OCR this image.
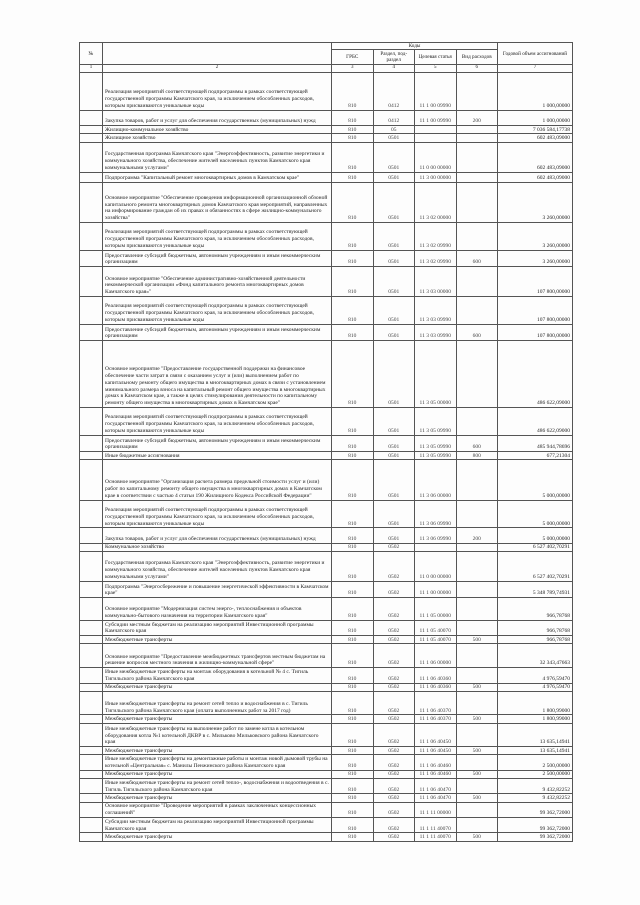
№		Коды				Годовой объем ассигнований
		ГРБС	Раздел, под-раздел	Целевая статья	Вид расходов	
1	2	3	4	5	6	7
	Реализация мероприятий соответствующей подпрограммы в рамках соответствующей государственной программы Камчатского края, за исключением обособленных расходов, которым присваиваются уникальные коды	810	0412	11 1 00 09990		1 000,00000
	Закупка товаров, работ и услуг для обеспечения государственных (муниципальных) нужд	810	0412	11 1 00 09990	200	1 000,00000
	Жилищно-коммунальное хозяйство	810	05			7 036 584,17738
	Жилищное хозяйство	810	0501			602 483,09000
	Государственная программа Камчатского края "Энергоэффективность, развитие энергетики и коммунального хозяйства, обеспечение жителей населенных пунктов Камчатского края коммунальными услугами"	810	0501	11 0 00 00000		602 483,09000
	Подпрограмма "Капитальный ремонт многоквартирных домов в Камчатском крае"	810	0501	11 3 00 00000		602 483,09000
	Основное мероприятие "Обеспечение проведения информационной организационной обзоной капитального ремонта многоквартирных домов Камчатского края мероприятий, направленных на информирование граждан об их правах и обязанностях в сфере жилищно-коммунального хозяйства"	810	0501	11 3 02 00000		3 260,00000
	Реализация мероприятий соответствующей подпрограммы в рамках соответствующей государственной программы Камчатского края, за исключением обособленных расходов, которым присваиваются уникальные коды	810	0501	11 3 02 09990		3 260,00000
	Предоставление субсидий бюджетным, автономным учреждениям и иным некоммерческим организациям	810	0501	11 3 02 09990	600	3 260,00000
	Основное мероприятие "Обеспечение административно-хозяйственной деятельности некоммерческой организации «Фонд капитального ремонта многоквартирных домов Камчатского края»"	810	0501	11 3 03 00000		107 800,00000
	Реализация мероприятий соответствующей подпрограммы в рамках соответствующей государственной программы Камчатского края, за исключением обособленных расходов, которым присваиваются уникальные коды	810	0501	11 3 03 09990		107 800,00000
	Предоставление субсидий бюджетным, автономным учреждениям и иным некоммерческим организациям	810	0501	11 3 03 09990	600	107 800,00000
	Основное мероприятие "Предоставление государственной поддержки на финансовое обеспечение части затрат в связи с оказанием услуг и (или) выполнением работ по капитальному ремонту общего имущества в многоквартирных домах в связи с установлением минимального размера взноса на капитальный ремонт общего имущества в многоквартирных домах в Камчатском крае, а также в целях стимулирования деятельности по капитальному ремонту общего имущества в многоквартирных домах в Камчатском крае"	810	0501	11 3 05 00000		486 622,09000
	Реализация мероприятий соответствующей подпрограммы в рамках соответствующей государственной программы Камчатского края, за исключением обособленных расходов, которым присваиваются уникальные коды	810	0501	11 3 05 09990		486 622,09000
	Предоставление субсидий бюджетным, автономным учреждениям и иным некоммерческим организациям	810	0501	11 3 05 09990	600	485 944,78696
	Иные бюджетные ассигнования	810	0501	11 3 05 09990	800	677,21304
	Основное мероприятие "Организация расчета размера предельной стоимости услуг и (или) работ по капитальному ремонту общего имущества в многоквартирных домах в Камчатском крае в соответствии с частью 4 статьи 190 Жилищного Кодекса Российской Федерации"	810	0501	11 3 06 00000		5 000,00000
	Реализация мероприятий соответствующей подпрограммы в рамках соответствующей государственной программы Камчатского края, за исключением обособленных расходов, которым присваиваются уникальные коды	810	0501	11 3 06 09990		5 000,00000
	Закупка товаров, работ и услуг для обеспечения государственных (муниципальных) нужд	810	0501	11 3 06 09990	200	5 000,00000
	Коммунальное хозяйство	810	0502			6 527 402,70291
	Государственная программа Камчатского края "Энергоэффективность, развитие энергетики и коммунального хозяйства, обеспечение жителей населенных пунктов Камчатского края коммунальными услугами"	810	0502	11 0 00 00000		6 527 402,70291
	Подпрограмма "Энергосбережение и повышение энергетической эффективности в Камчатском крае"	810	0502	11 1 00 00000		5 348 789,74931
	Основное мероприятие "Модернизация систем энерго-, теплоснабжения и объектов коммунально-бытового назначения на территории Камчатского края"	810	0502	11 1 05 00000		966,78768
	Субсидии местным бюджетам на реализацию мероприятий Инвестиционной программы Камчатского края	810	0502	11 1 05 40070		966,78768
	Межбюджетные трансферты	810	0502	11 1 05 40070	500	966,78768
	Основное мероприятие "Предоставление межбюджетных трансфертов местным бюджетам на решение вопросов местного значения в жилищно-коммунальной сфере"	810	0502	11 1 06 00000		32 343,47663
	Иные межбюджетные трансферты на монтаж оборудования в котельной № 4 с. Тигиль Тигильского района Камчатского края	810	0502	11 1 06 40360		4 976,59470
	Межбюджетные трансферты	810	0502	11 1 06 40360	500	4 976,59470
	Иные межбюджетные трансферты на ремонт сетей тепло и водоснабжения в с. Тигиль Тигильского района Камчатского края (оплата выполненных работ за 2017 год)	810	0502	11 1 06 40370		1 800,99000
	Межбюджетные трансферты	810	0502	11 1 06 40370	500	1 800,99000
	Иные межбюджетные трансферты на выполнение работ по замене котла в котельном оборудования котла №1 котельной ДКВР в с. Мильково Мильковского района Камчатского края	810	0502	11 1 06 40450		13 635,14941
	Межбюджетные трансферты	810	0502	11 1 06 40450	500	13 635,14941
	Иные межбюджетные трансферты на демонтажные работы и монтаж новой дымовой трубы на котельной «Центральная» с. Манилы Пенжинского района Камчатского края	810	0502	11 1 06 40460		2 500,00000
	Межбюджетные трансферты	810	0502	11 1 06 40460	500	2 500,00000
	Иные межбюджетные трансферты на ремонт сетей тепло-, водоснабжения и водоотведения в с. Тигиль Тигильского района Камчатского края	810	0502	11 1 06 40470		9 432,82252
	Межбюджетные трансферты	810	0502	11 1 06 40470	500	9 432,82252
	Основное мероприятие "Проведение мероприятий в рамках заключенных концессионных соглашений"	810	0502	11 1 11 00000		99 362,72000
	Субсидии местным бюджетам на реализацию мероприятий Инвестиционной программы Камчатского края	810	0502	11 1 11 40070		99 362,72000
	Межбюджетные трансферты	810	0502	11 1 11 40070	500	99 362,72000
